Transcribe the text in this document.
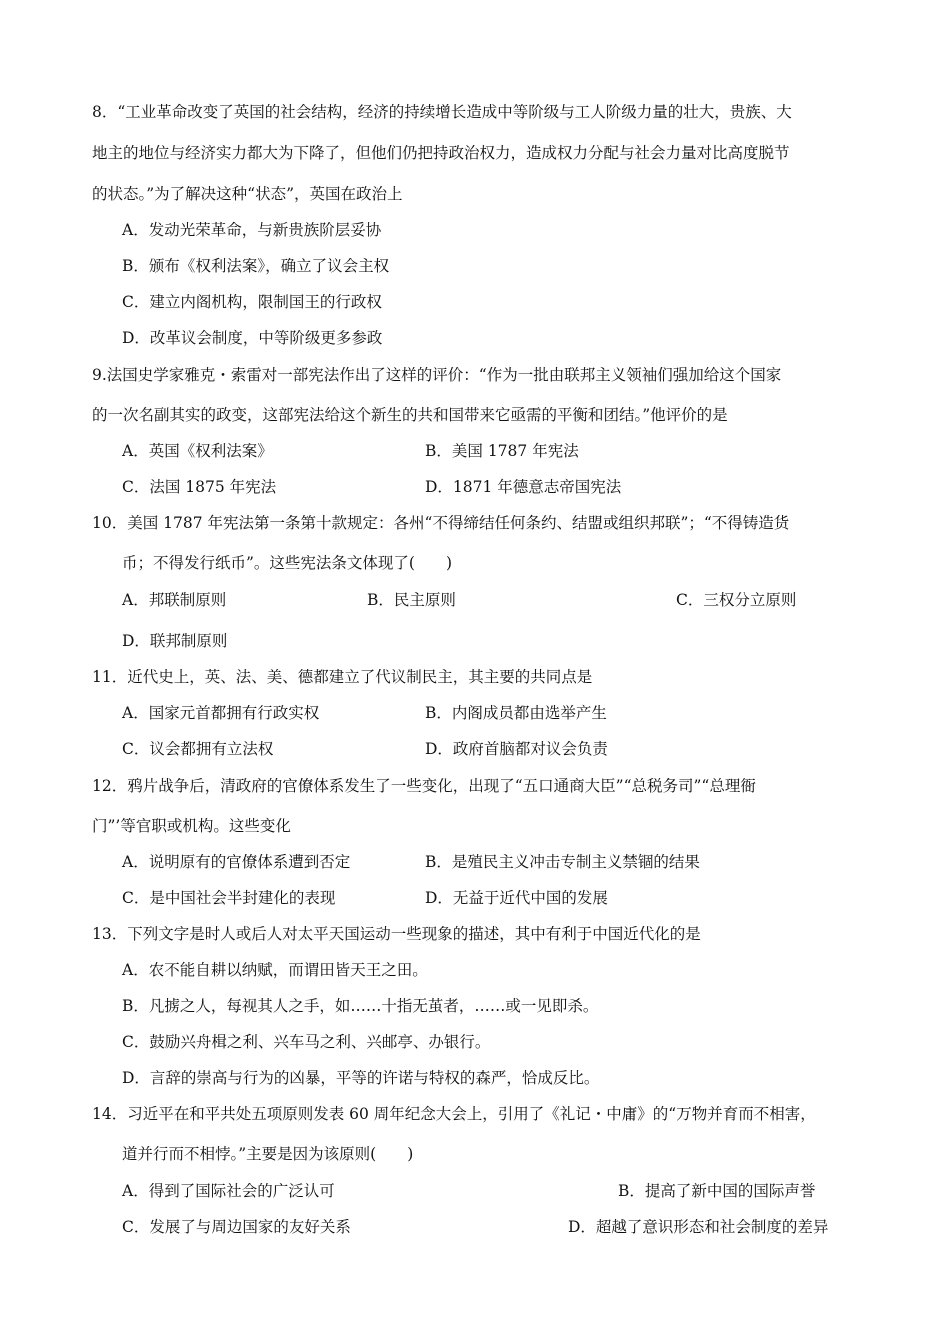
8．“工业革命改变了英国的社会结构，经济的持续增长造成中等阶级与工人阶级力量的壮大，贵族、大
地主的地位与经济实力都大为下降了，但他们仍把持政治权力，造成权力分配与社会力量对比高度脱节
的状态。”为了解决这种“状态”，英国在政治上
A．发动光荣革命，与新贵族阶层妥协
B．颁布《权利法案》，确立了议会主权
C．建立内阁机构，限制国王的行政权
D．改革议会制度，中等阶级更多参政
9.法国史学家雅克・索雷对一部宪法作出了这样的评价：“作为一批由联邦主义领袖们强加给这个国家
的一次名副其实的政变，这部宪法给这个新生的共和国带来它亟需的平衡和团结。”他评价的是
A．英国《权利法案》	B．美国 1787 年宪法
C．法国 1875 年宪法	D．1871 年德意志帝国宪法
10．美国 1787 年宪法第一条第十款规定：各州“不得缔结任何条约、结盟或组织邦联”；“不得铸造货
币；不得发行纸币”。这些宪法条文体现了(　　)
A．邦联制原则	B．民主原则	C．三权分立原则
D．联邦制原则
11．近代史上，英、法、美、德都建立了代议制民主，其主要的共同点是
A．国家元首都拥有行政实权	B．内阁成员都由选举产生
C．议会都拥有立法权	D．政府首脑都对议会负责
12．鸦片战争后，清政府的官僚体系发生了一些变化，出现了“五口通商大臣”“总税务司”“总理衙
门”’等官职或机构。这些变化
A．说明原有的官僚体系遭到否定	B．是殖民主义冲击专制主义禁锢的结果
C．是中国社会半封建化的表现	D．无益于近代中国的发展
13．下列文字是时人或后人对太平天国运动一些现象的描述，其中有利于中国近代化的是
A．农不能自耕以纳赋，而谓田皆天王之田。
B．凡掳之人，每视其人之手，如……十指无茧者，……或一见即杀。
C．鼓励兴舟楫之利、兴车马之利、兴邮亭、办银行。
D．言辞的崇高与行为的凶暴，平等的许诺与特权的森严，恰成反比。
14．习近平在和平共处五项原则发表 60 周年纪念大会上，引用了《礼记・中庸》的“万物并育而不相害，
道并行而不相悖。”主要是因为该原则(　　)
A．得到了国际社会的广泛认可	B．提高了新中国的国际声誉
C．发展了与周边国家的友好关系	D．超越了意识形态和社会制度的差异
